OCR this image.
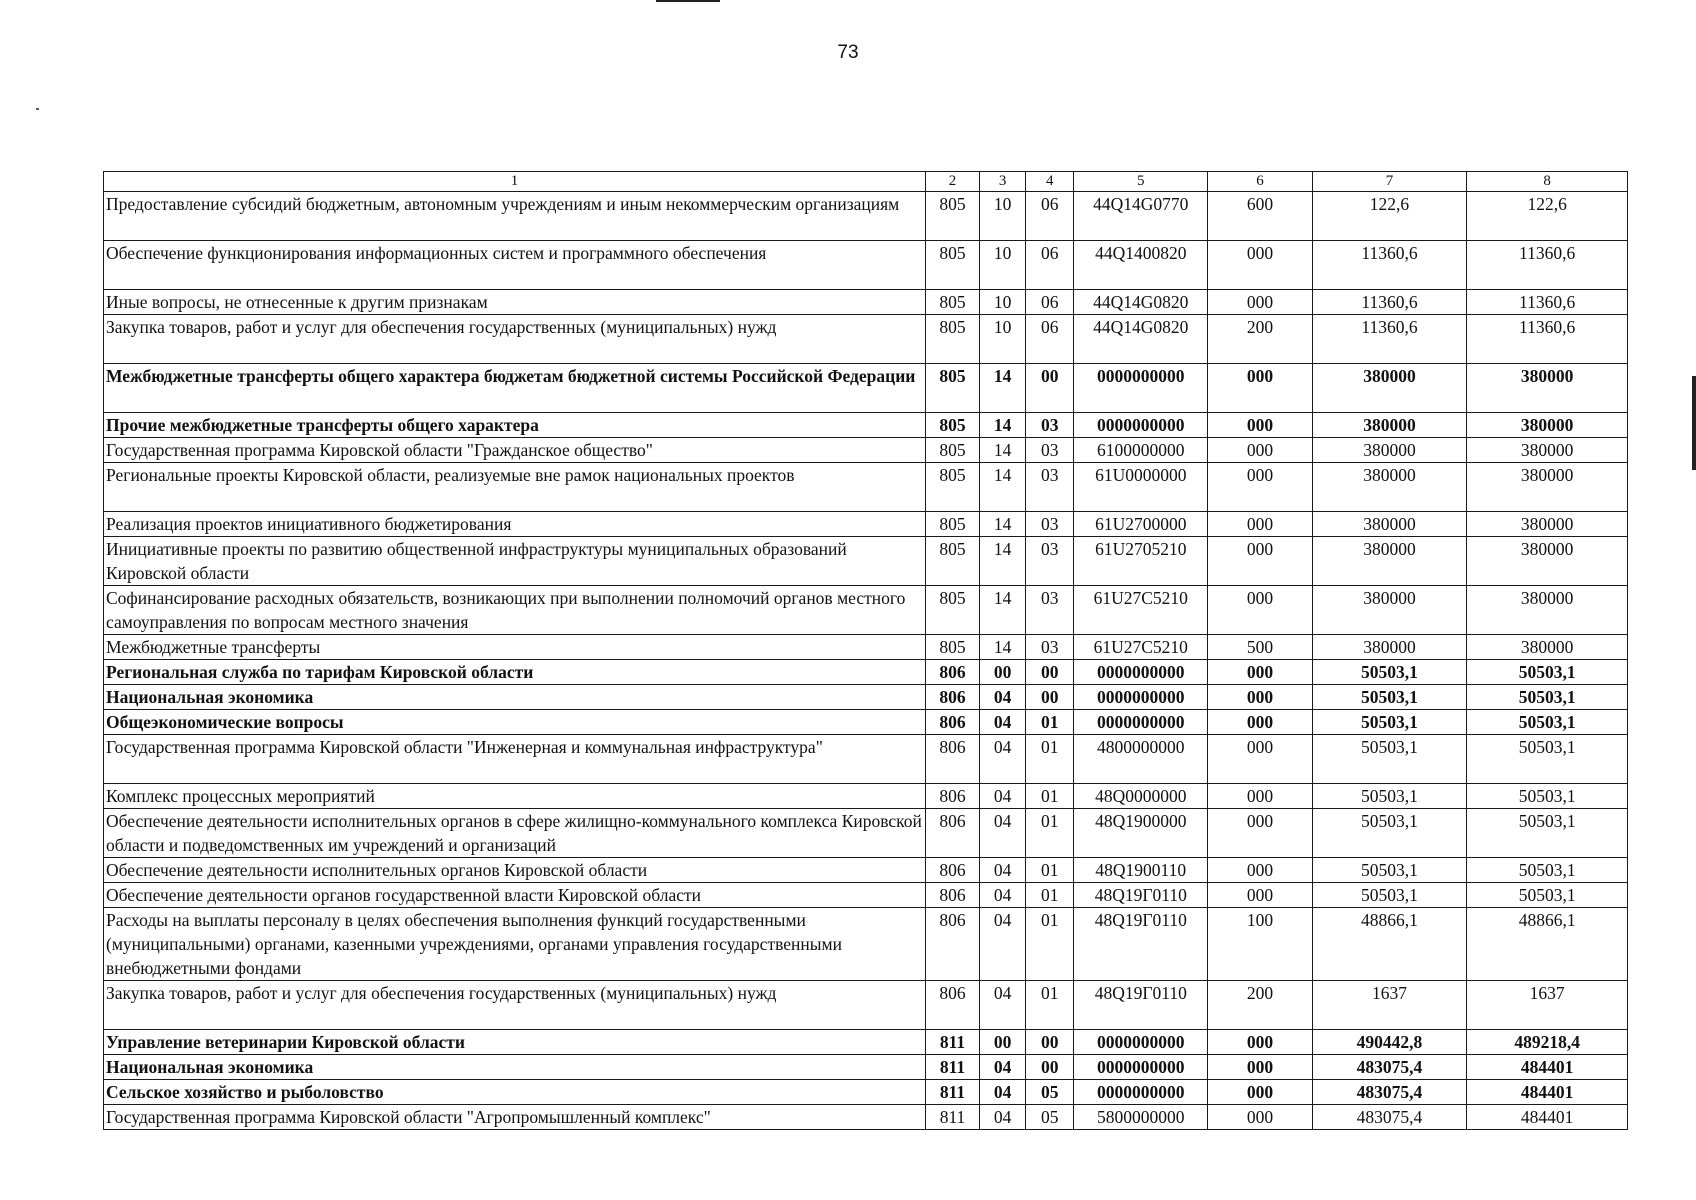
73
1	2	3	4	5	6	7	8
Предоставление субсидий бюджетным, автономным учреждениям и иным некоммерческим организациям	805	10	06	44Q14G0770	600	122,6	122,6
Обеспечение функционирования информационных систем и программного обеспечения	805	10	06	44Q1400820	000	11360,6	11360,6
Иные вопросы, не отнесенные к другим признакам	805	10	06	44Q14G0820	000	11360,6	11360,6
Закупка товаров, работ и услуг для обеспечения государственных (муниципальных) нужд	805	10	06	44Q14G0820	200	11360,6	11360,6
Межбюджетные трансферты общего характера бюджетам бюджетной системы Российской Федерации	805	14	00	0000000000	000	380000	380000
Прочие межбюджетные трансферты общего характера	805	14	03	0000000000	000	380000	380000
Государственная программа Кировской области "Гражданское общество"	805	14	03	6100000000	000	380000	380000
Региональные проекты Кировской области, реализуемые вне рамок национальных проектов	805	14	03	61U0000000	000	380000	380000
Реализация проектов инициативного бюджетирования	805	14	03	61U2700000	000	380000	380000
Инициативные проекты по развитию общественной инфраструктуры муниципальных образований Кировской области	805	14	03	61U2705210	000	380000	380000
Софинансирование расходных обязательств, возникающих при выполнении полномочий органов местного самоуправления по вопросам местного значения	805	14	03	61U27C5210	000	380000	380000
Межбюджетные трансферты	805	14	03	61U27C5210	500	380000	380000
Региональная служба по тарифам Кировской области	806	00	00	0000000000	000	50503,1	50503,1
Национальная экономика	806	04	00	0000000000	000	50503,1	50503,1
Общеэкономические вопросы	806	04	01	0000000000	000	50503,1	50503,1
Государственная программа Кировской области "Инженерная и коммунальная инфраструктура"	806	04	01	4800000000	000	50503,1	50503,1
Комплекс процессных мероприятий	806	04	01	48Q0000000	000	50503,1	50503,1
Обеспечение деятельности исполнительных органов в сфере жилищно-коммунального комплекса Кировской области и подведомственных им учреждений и организаций	806	04	01	48Q1900000	000	50503,1	50503,1
Обеспечение деятельности исполнительных органов Кировской области	806	04	01	48Q1900110	000	50503,1	50503,1
Обеспечение деятельности органов государственной власти Кировской области	806	04	01	48Q19Г0110	000	50503,1	50503,1
Расходы на выплаты персоналу в целях обеспечения выполнения функций государственными (муниципальными) органами, казенными учреждениями, органами управления государственными внебюджетными фондами	806	04	01	48Q19Г0110	100	48866,1	48866,1
Закупка товаров, работ и услуг для обеспечения государственных (муниципальных) нужд	806	04	01	48Q19Г0110	200	1637	1637
Управление ветеринарии Кировской области	811	00	00	0000000000	000	490442,8	489218,4
Национальная экономика	811	04	00	0000000000	000	483075,4	484401
Сельское хозяйство и рыболовство	811	04	05	0000000000	000	483075,4	484401
Государственная программа Кировской области "Агропромышленный комплекс"	811	04	05	5800000000	000	483075,4	484401
